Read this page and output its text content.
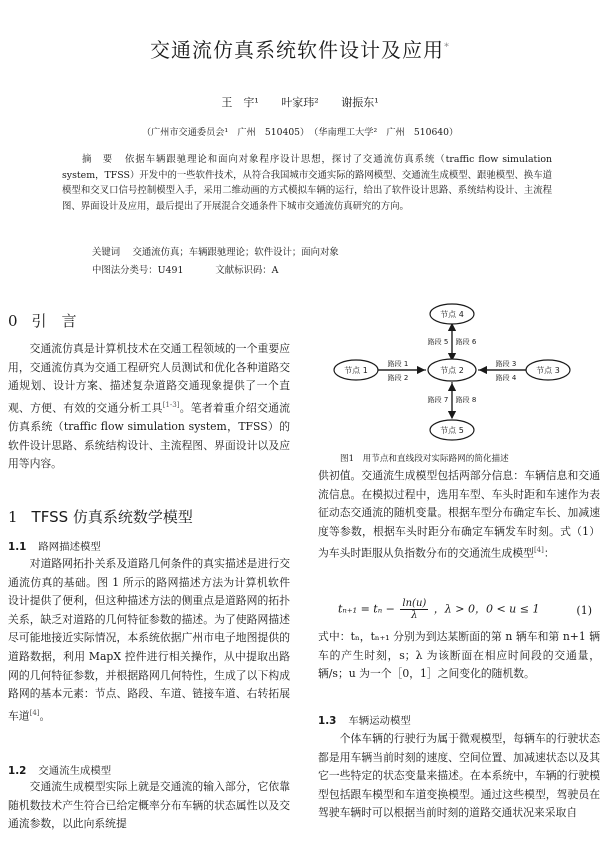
交通流仿真系统软件设计及应用*
王　宇¹　 叶家玮²　 谢振东¹
（广州市交通委员会¹　广州　510405）　（华南理工大学²　广州　510640）
摘　要 依据车辆跟驰理论和面向对象程序设计思想，探讨了交通流仿真系统（traffic flow simulation system，TFSS）开发中的一些软件技术，从符合我国城市交通实际的路网模型、交通流生成模型、跟驰模型、换车道模型和交叉口信号控制模型入手，采用二维动画的方式模拟车辆的运行，给出了软件设计思路、系统结构设计、主流程图、界面设计及应用，最后提出了开展混合交通条件下城市交通流仿真研究的方向。
关键词　 交通流仿真；车辆跟驰理论；软件设计；面向对象
中图法分类号：U491	文献标识码：A
0 引　言
交通流仿真是计算机技术在交通工程领域的一个重要应用，交通流仿真为交通工程研究人员测试和优化各种道路交通规划、设计方案、描述复杂道路交通现象提供了一个直观、方便、有效的交通分析工具[1-3]。笔者着重介绍交通流仿真系统（traffic flow simulation system，TFSS）的软件设计思路、系统结构设计、主流程图、界面设计以及应用等内容。
1 TFSS 仿真系统数学模型
1.1 路网描述模型
对道路网拓扑关系及道路几何条件的真实描述是进行交通流仿真的基础。图 1 所示的路网描述方法为计算机软件设计提供了便利，但这种描述方法的侧重点是道路网的拓扑关系，缺乏对道路的几何特征参数的描述。为了使路网描述尽可能地接近实际情况，本系统依据广州市电子地图提供的道路数据，利用 MapX 控件进行相关操作，从中提取出路网的几何特征参数，并根据路网几何特性，生成了以下构成路网的基本元素：节点、路段、车道、链接车道、右转拓展车道[4]。
1.2 交通流生成模型
交通流生成模型实际上就是交通流的输入部分，它依靠随机数技术产生符合已给定概率分布车辆的状态属性以及交通流参数，以此向系统提
节点 4
节点 1	节点 2	节点 3
节点 5
路段 1
路段 2
路段 3
路段 4
路段 5 路段 6
路段 7 路段 8
图1　用节点和直线段对实际路网的简化描述
供初值。交通流生成模型包括两部分信息：车辆信息和交通流信息。在模拟过程中，选用车型、车头时距和车速作为表征动态交通流的随机变量。根据车型分布确定车长、加减速度等参数，根据车头时距分布确定车辆发车时刻。式（1）为车头时距服从负指数分布的交通流生成模型[4]：
$t_{n+1} = t_n - \frac{\ln(u)}{\lambda}$ ，λ > 0，0 < u ≤ 1	(1)
式中：tₙ，tₙ₊₁ 分别为到达某断面的第 n 辆车和第 n+1 辆车的产生时刻，s；λ 为该断面在相应时间段的交通量，辆/s；u 为一个［0，1］之间变化的随机数。
1.3 车辆运动模型
个体车辆的行驶行为属于微观模型，每辆车的行驶状态都是用车辆当前时刻的速度、空间位置、加减速状态以及其它一些特定的状态变量来描述。在本系统中，车辆的行驶模型包括跟车模型和车道变换模型。通过这些模型，驾驶员在驾驶车辆时可以根据当前时刻的道路交通状况来采取自
